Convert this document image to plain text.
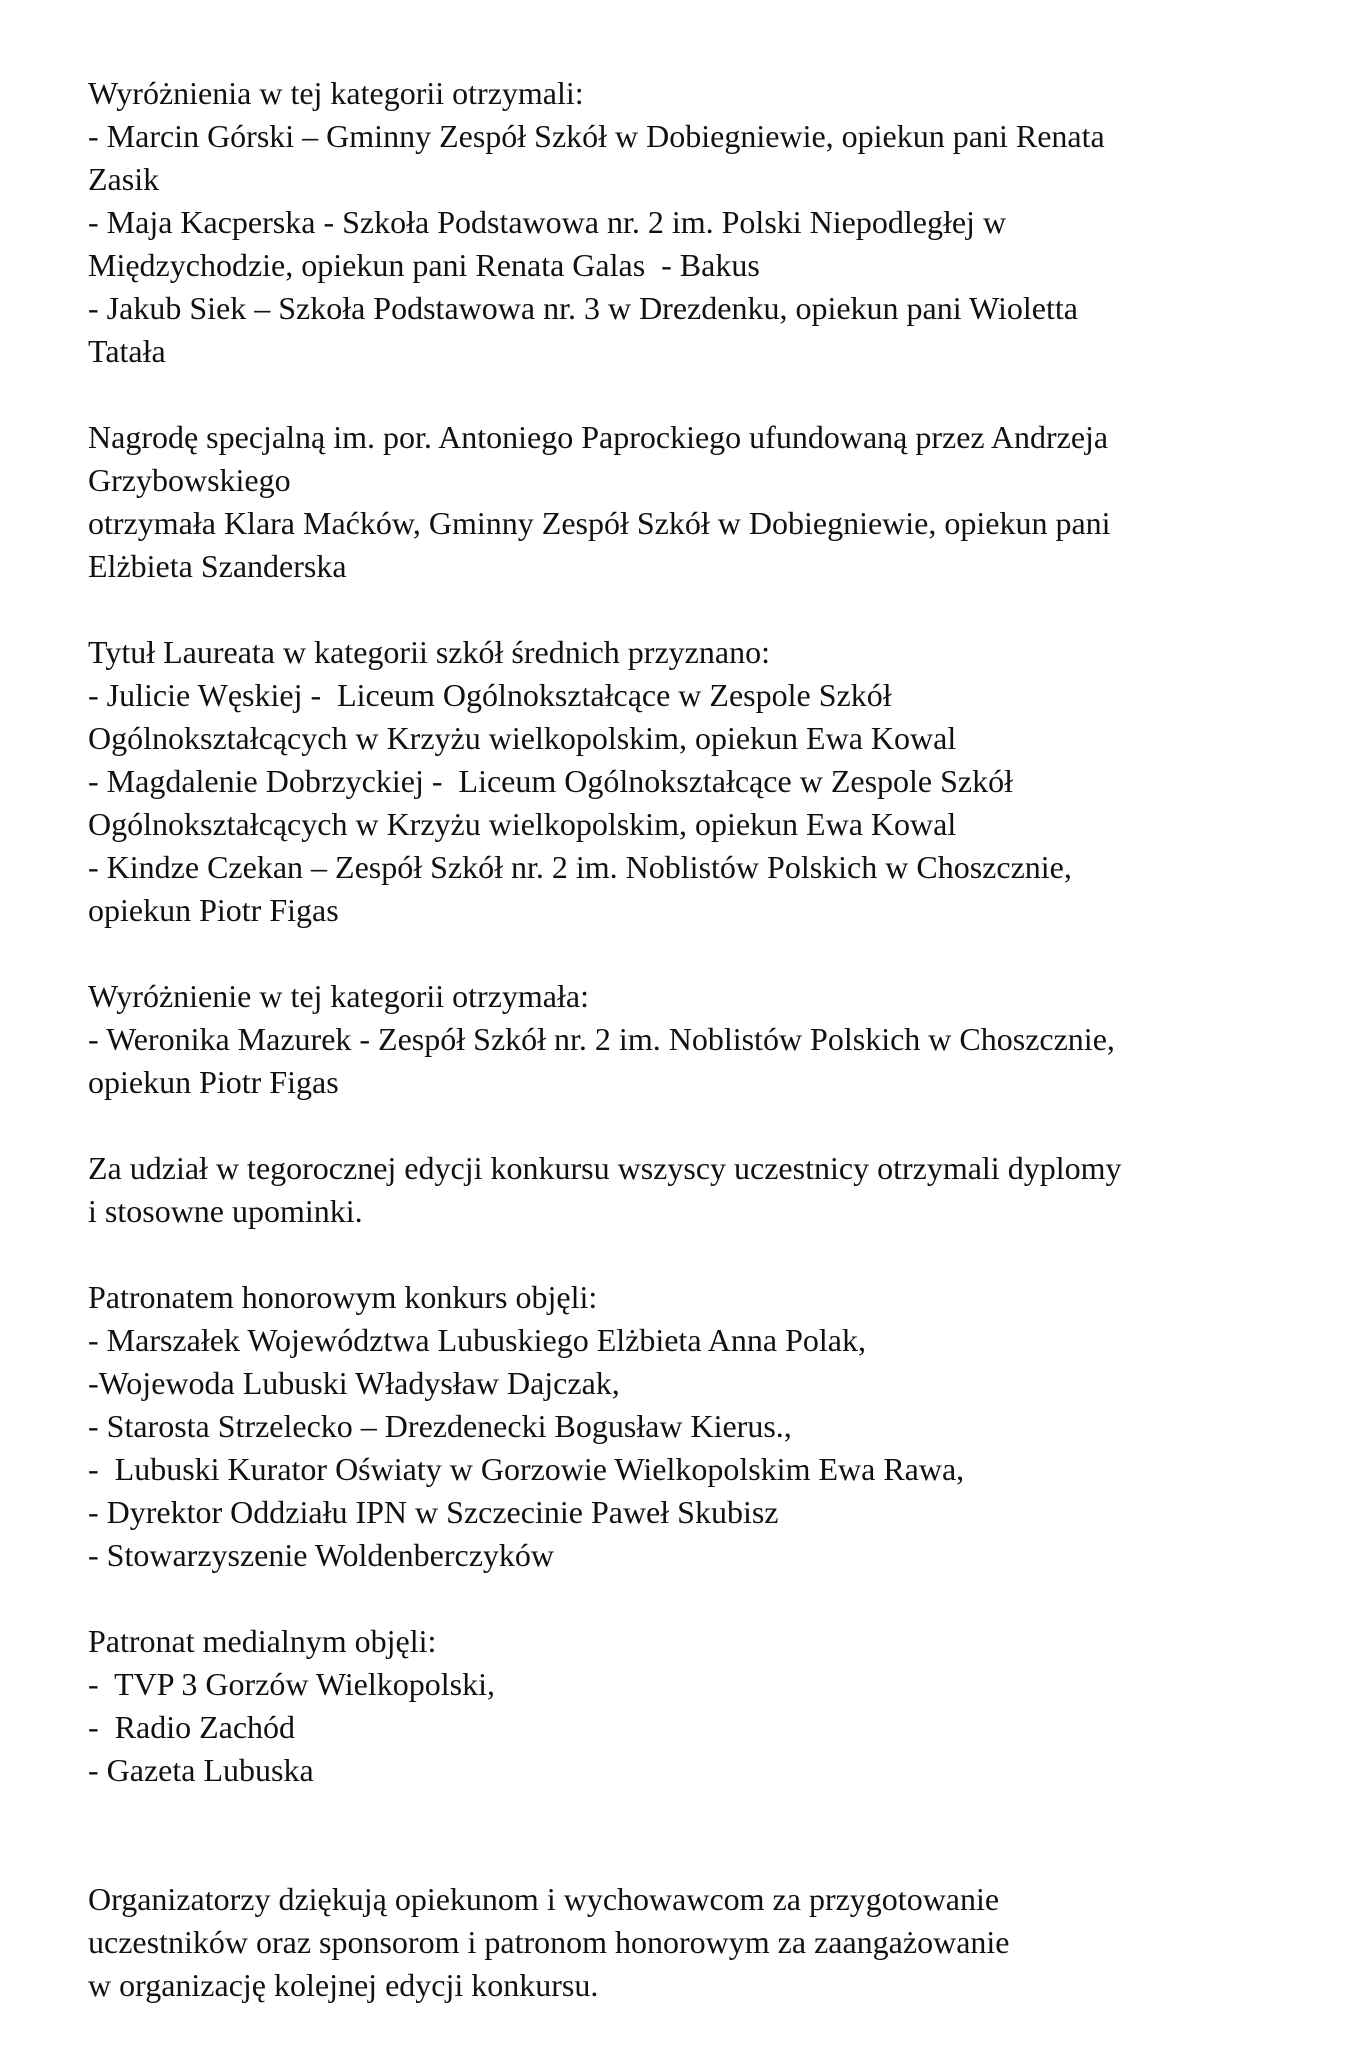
Wyróżnienia w tej kategorii otrzymali:
- Marcin Górski – Gminny Zespół Szkół w Dobiegniewie, opiekun pani Renata
Zasik
- Maja Kacperska - Szkoła Podstawowa nr. 2 im. Polski Niepodległej w
Międzychodzie, opiekun pani Renata Galas  - Bakus
- Jakub Siek – Szkoła Podstawowa nr. 3 w Drezdenku, opiekun pani Wioletta
Tatała
Nagrodę specjalną im. por. Antoniego Paprockiego ufundowaną przez Andrzeja
Grzybowskiego
otrzymała Klara Maćków, Gminny Zespół Szkół w Dobiegniewie, opiekun pani
Elżbieta Szanderska
Tytuł Laureata w kategorii szkół średnich przyznano:
- Julicie Węskiej -  Liceum Ogólnokształcące w Zespole Szkół
Ogólnokształcących w Krzyżu wielkopolskim, opiekun Ewa Kowal
- Magdalenie Dobrzyckiej -  Liceum Ogólnokształcące w Zespole Szkół
Ogólnokształcących w Krzyżu wielkopolskim, opiekun Ewa Kowal
- Kindze Czekan – Zespół Szkół nr. 2 im. Noblistów Polskich w Choszcznie,
opiekun Piotr Figas
Wyróżnienie w tej kategorii otrzymała:
- Weronika Mazurek - Zespół Szkół nr. 2 im. Noblistów Polskich w Choszcznie,
opiekun Piotr Figas
Za udział w tegorocznej edycji konkursu wszyscy uczestnicy otrzymali dyplomy
i stosowne upominki.
Patronatem honorowym konkurs objęli:
- Marszałek Województwa Lubuskiego Elżbieta Anna Polak,
-Wojewoda Lubuski Władysław Dajczak,
- Starosta Strzelecko – Drezdenecki Bogusław Kierus.,
-  Lubuski Kurator Oświaty w Gorzowie Wielkopolskim Ewa Rawa,
- Dyrektor Oddziału IPN w Szczecinie Paweł Skubisz
- Stowarzyszenie Woldenberczyków
Patronat medialnym objęli:
-  TVP 3 Gorzów Wielkopolski,
-  Radio Zachód
- Gazeta Lubuska
Organizatorzy dziękują opiekunom i wychowawcom za przygotowanie
uczestników oraz sponsorom i patronom honorowym za zaangażowanie
w organizację kolejnej edycji konkursu.
